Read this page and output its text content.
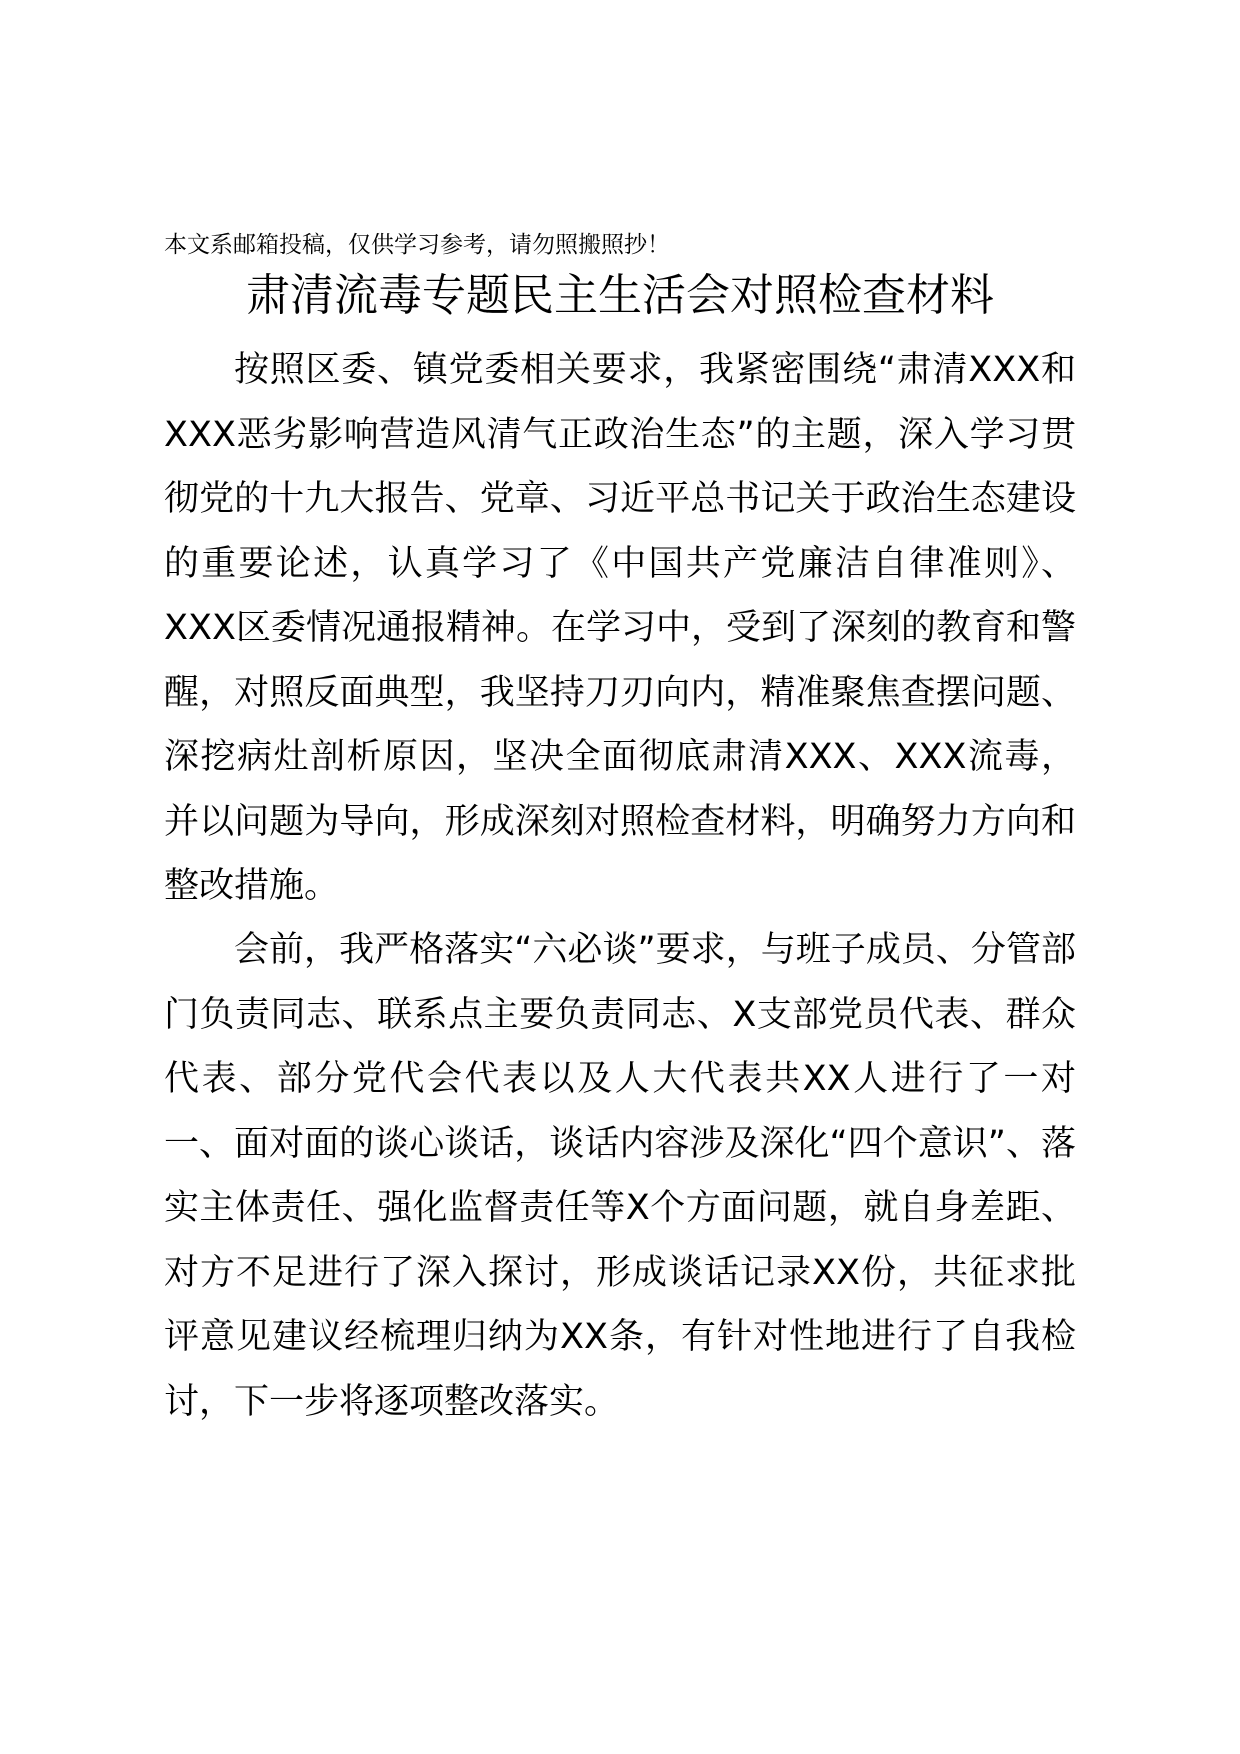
本文系邮箱投稿，仅供学习参考，请勿照搬照抄！
肃清流毒专题民主生活会对照检查材料

按照区委、镇党委相关要求，我紧密围绕“肃清XXX和XXX恶劣影响营造风清气正政治生态”的主题，深入学习贯彻党的十九大报告、党章、习近平总书记关于政治生态建设的重要论述，认真学习了《中国共产党廉洁自律准则》、XXX区委情况通报精神。在学习中，受到了深刻的教育和警醒，对照反面典型，我坚持刀刃向内，精准聚焦查摆问题、深挖病灶剖析原因，坚决全面彻底肃清XXX、XXX流毒，并以问题为导向，形成深刻对照检查材料，明确努力方向和整改措施。

会前，我严格落实“六必谈”要求，与班子成员、分管部门负责同志、联系点主要负责同志、X支部党员代表、群众代表、部分党代会代表以及人大代表共XX人进行了一对一、面对面的谈心谈话，谈话内容涉及深化“四个意识”、落实主体责任、强化监督责任等X个方面问题，就自身差距、对方不足进行了深入探讨，形成谈话记录XX份，共征求批评意见建议经梳理归纳为XX条，有针对性地进行了自我检讨，下一步将逐项整改落实。
